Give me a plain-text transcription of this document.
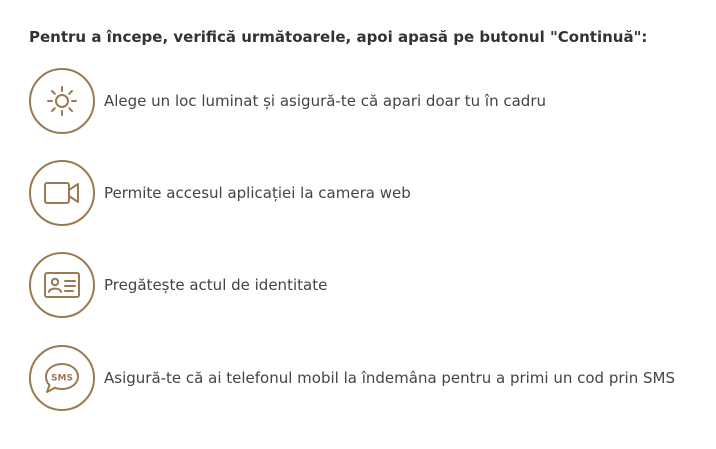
Pentru a începe, verifică următoarele, apoi apasă pe butonul "Continuă":
Alege un loc luminat și asigură-te că apari doar tu în cadru
Permite accesul aplicației la camera web
Pregătește actul de identitate
SMS Asigură-te că ai telefonul mobil la îndemâna pentru a primi un cod prin SMS
